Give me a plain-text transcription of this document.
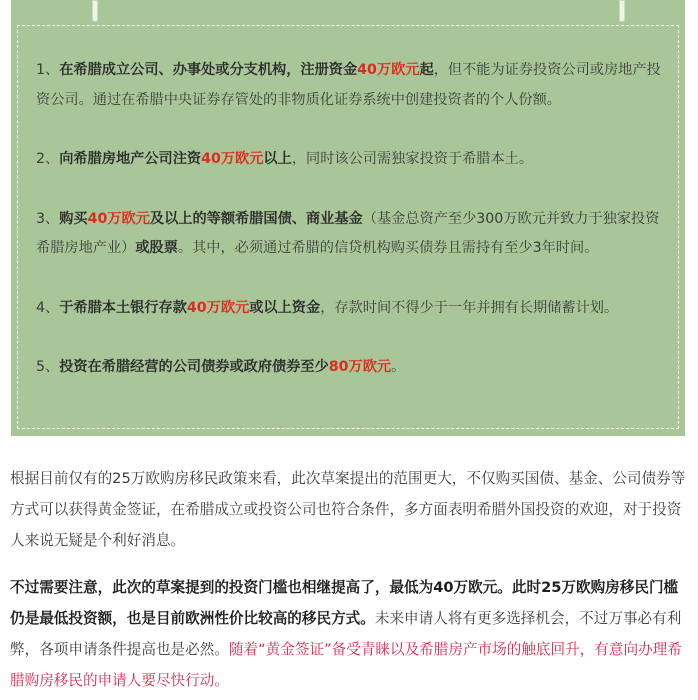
1、在希腊成立公司、办事处或分支机构，注册资金40万欧元起，但不能为证券投资公司或房地产投资公司。通过在希腊中央证券存管处的非物质化证券系统中创建投资者的个人份额。
2、向希腊房地产公司注资40万欧元以上，同时该公司需独家投资于希腊本土。
3、购买40万欧元及以上的等额希腊国债、商业基金（基金总资产至少300万欧元并致力于独家投资希腊房地产业）或股票。其中，必须通过希腊的信贷机构购买债券且需持有至少3年时间。
4、于希腊本土银行存款40万欧元或以上资金，存款时间不得少于一年并拥有长期储蓄计划。
5、投资在希腊经营的公司债券或政府债券至少80万欧元。

根据目前仅有的25万欧购房移民政策来看，此次草案提出的范围更大，不仅购买国债、基金、公司债券等方式可以获得黄金签证，在希腊成立或投资公司也符合条件，多方面表明希腊外国投资的欢迎，对于投资人来说无疑是个利好消息。

不过需要注意，此次的草案提到的投资门槛也相继提高了，最低为40万欧元。此时25万欧购房移民门槛仍是最低投资额，也是目前欧洲性价比较高的移民方式。未来申请人将有更多选择机会，不过万事必有利弊，各项申请条件提高也是必然。随着“黄金签证”备受青睐以及希腊房产市场的触底回升，有意向办理希腊购房移民的申请人要尽快行动。
